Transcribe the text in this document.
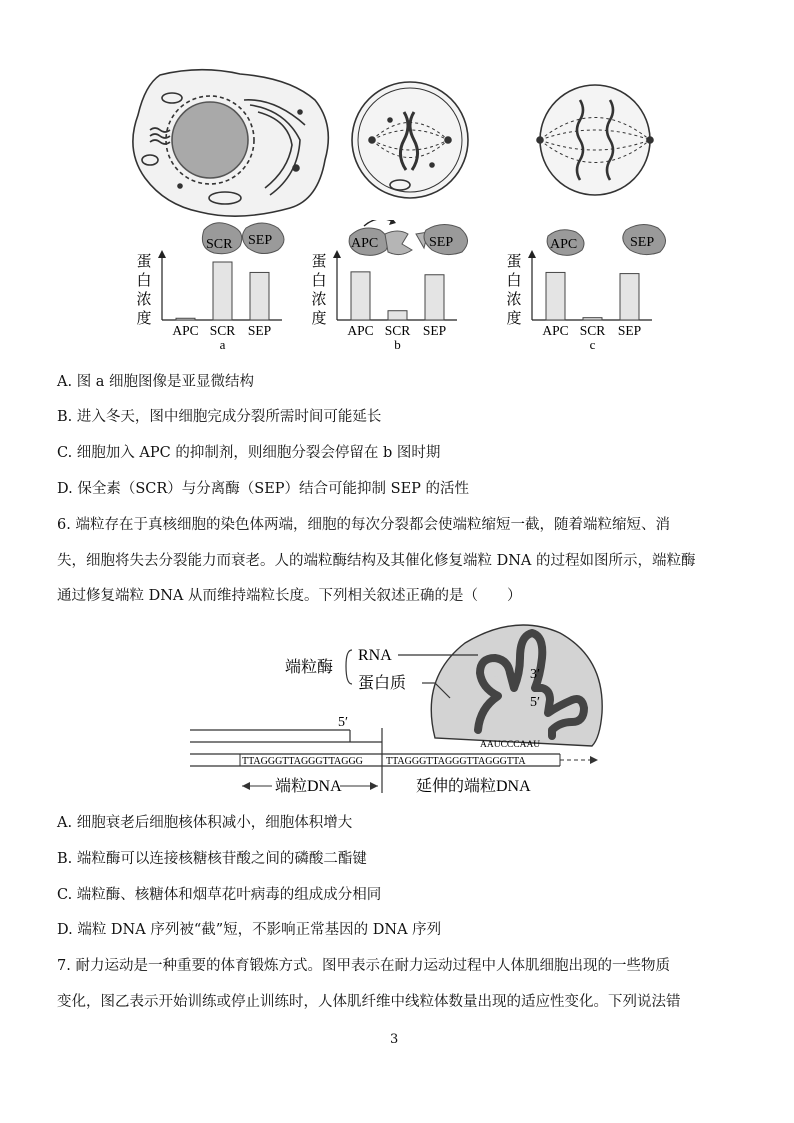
SCR SEP	APC	SEP	APC	SEP
蛋
白
浓
度
APC SCR SEP
a
蛋
白
浓
度
APC SCR SEP
b
蛋
白
浓
度
APC SCR SEP
c
A. 图 a 细胞图像是亚显微结构
B. 进入冬天，图中细胞完成分裂所需时间可能延长
C. 细胞加入 APC 的抑制剂，则细胞分裂会停留在 b 图时期
D. 保全素（SCR）与分离酶（SEP）结合可能抑制 SEP 的活性
6. 端粒存在于真核细胞的染色体两端，细胞的每次分裂都会使端粒缩短一截，随着端粒缩短、消
失，细胞将失去分裂能力而衰老。人的端粒酶结构及其催化修复端粒 DNA 的过程如图所示，端粒酶
通过修复端粒 DNA 从而维持端粒长度。下列相关叙述正确的是（　　）
端粒酶
RNA
蛋白质
3′
5′
5′
AAUCCCAAU
TTAGGGTTAGGGTTAGGG TTAGGGTTAGGGTTAGGGTTA
端粒DNA	延伸的端粒DNA
A. 细胞衰老后细胞核体积减小，细胞体积增大
B. 端粒酶可以连接核糖核苷酸之间的磷酸二酯键
C. 端粒酶、核糖体和烟草花叶病毒的组成成分相同
D. 端粒 DNA 序列被“截”短，不影响正常基因的 DNA 序列
7. 耐力运动是一种重要的体育锻炼方式。图甲表示在耐力运动过程中人体肌细胞出现的一些物质
变化，图乙表示开始训练或停止训练时，人体肌纤维中线粒体数量出现的适应性变化。下列说法错
3
